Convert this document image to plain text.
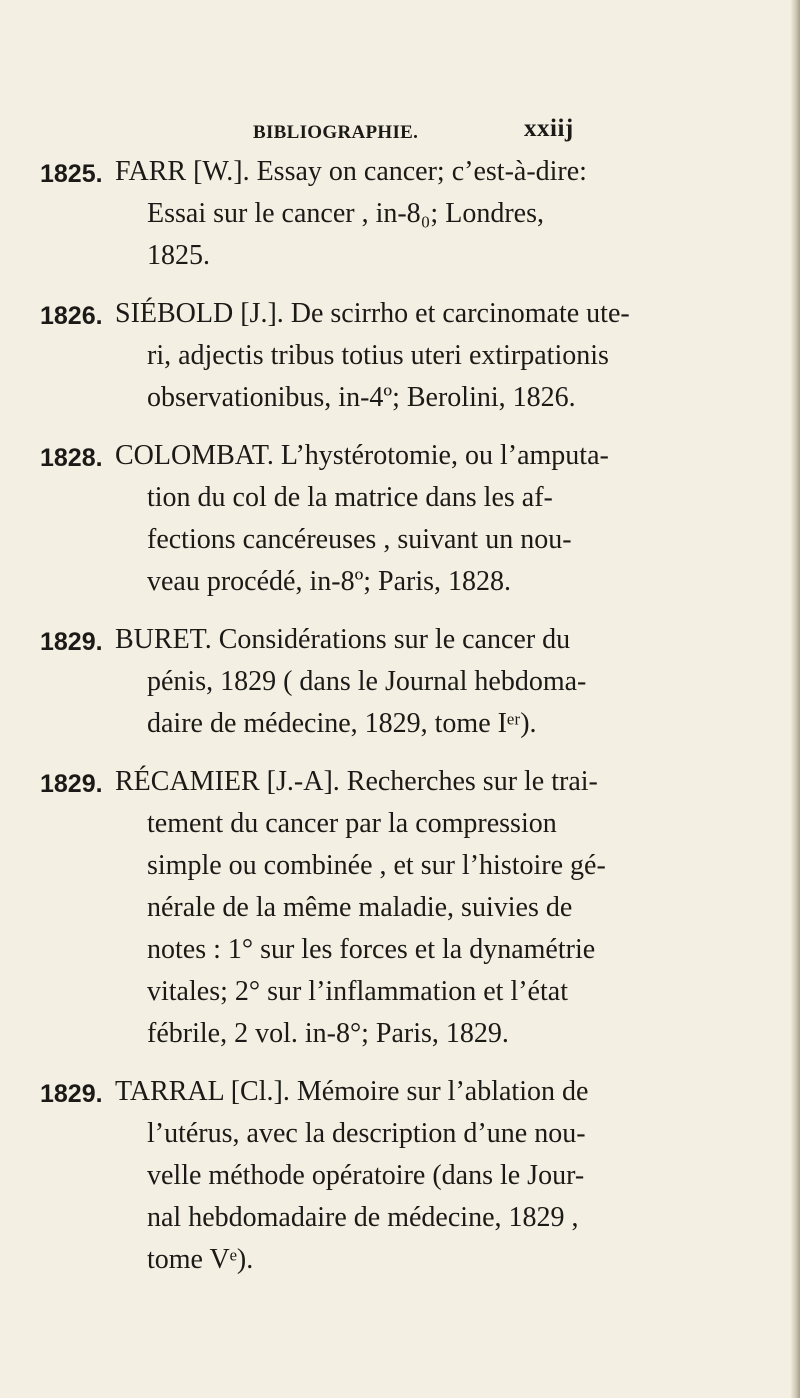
BIBLIOGRAPHIE.	xxiij
1825. FARR [W.]. Essay on cancer; c’est-à-dire:
Essai sur le cancer , in-8₀; Londres,
1825.
1826. SIÉBOLD [J.]. De scirrho et carcinomate ute-
ri, adjectis tribus totius uteri extirpationis
observationibus, in-4º; Berolini, 1826.
1828. COLOMBAT. L’hystérotomie, ou l’amputa-
tion du col de la matrice dans les af-
fections cancéreuses , suivant un nou-
veau procédé, in-8º; Paris, 1828.
1829. BURET. Considérations sur le cancer du
pénis, 1829 ( dans le Journal hebdoma-
daire de médecine, 1829, tome Iᵉʳ).
1829. RÉCAMIER [J.-A]. Recherches sur le trai-
tement du cancer par la compression
simple ou combinée , et sur l’histoire gé-
nérale de la même maladie, suivies de
notes : 1° sur les forces et la dynamétrie
vitales; 2° sur l’inflammation et l’état
fébrile, 2 vol. in-8°; Paris, 1829.
1829. TARRAL [Cl.]. Mémoire sur l’ablation de
l’utérus, avec la description d’une nou-
velle méthode opératoire (dans le Jour-
nal hebdomadaire de médecine, 1829 ,
tome Vᵉ).
